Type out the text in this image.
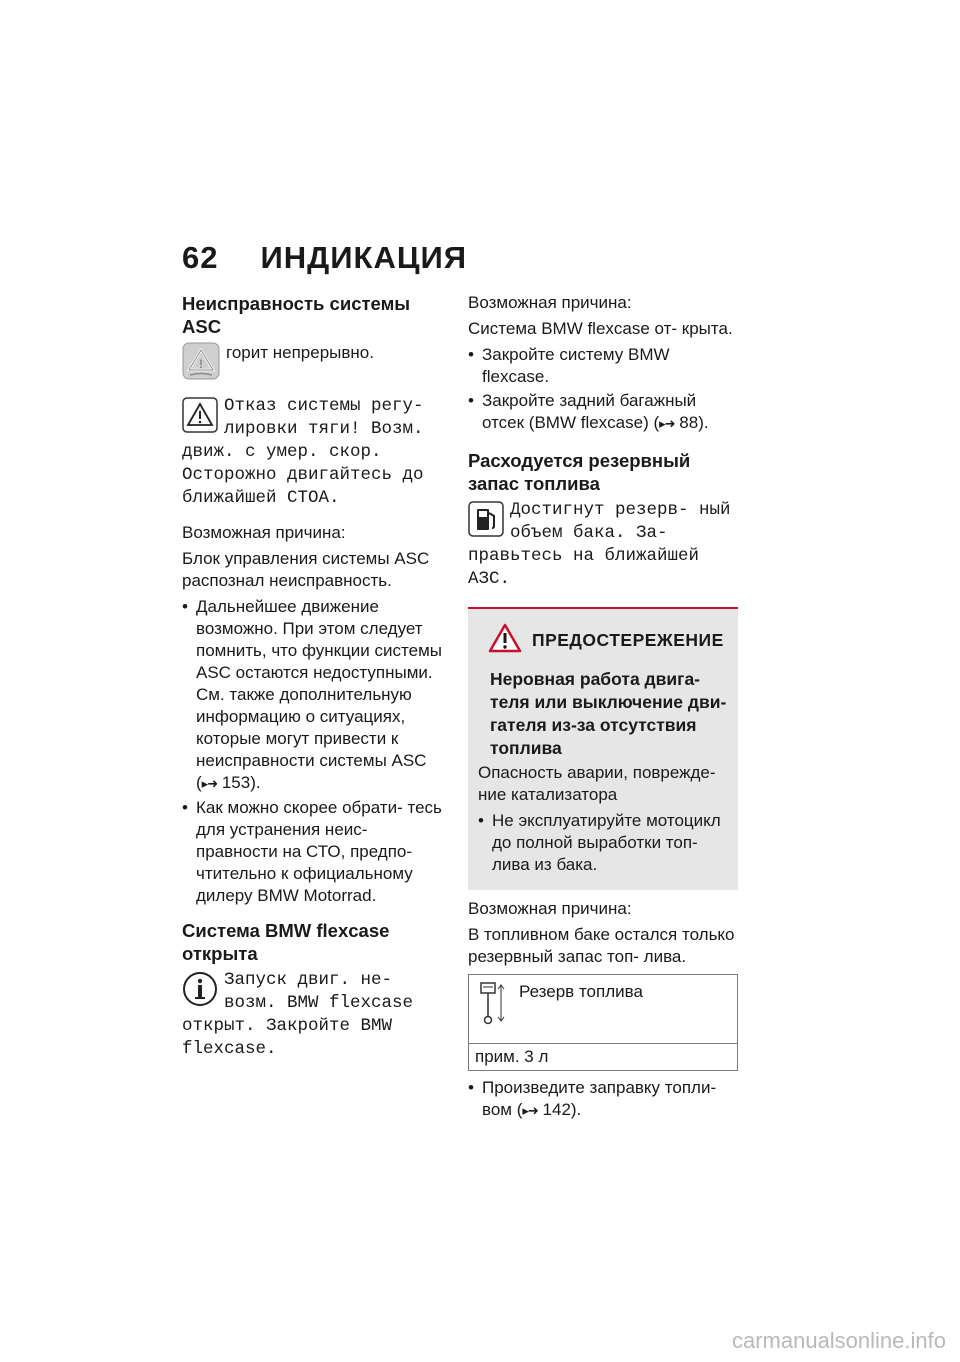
62 ИНДИКАЦИЯ
Неисправность системы ASC
!
горит непрерывно.
Отказ системы регу- лировки тяги! Возм. движ. с умер. скор. Осторожно двигайтесь до ближайшей СТОА.
Возможная причина:
Блок управления системы ASC распознал неисправность.
• Дальнейшее движение возможно. При этом следует помнить, что функции системы ASC остаются недоступными. См. также дополнительную информацию о ситуациях, которые могут привести к неисправности системы ASC (▸➜ 153).
• Как можно скорее обрати- тесь для устранения неис- правности на СТО, предпо- чтительно к официальному дилеру BMW Motorrad.
Система BMW flexcase открыта
Запуск двиг. не- возм. BMW flexcase открыт. Закройте BMW flexcase.
Возможная причина:
Система BMW flexcase от- крыта.
• Закройте систему BMW flexcase.
• Закройте задний багажный отсек (BMW flexcase) (▸➜ 88).
Расходуется резервный запас топлива
Достигнут резерв- ный объем бака. За- правьтесь на ближайшей АЗС.
ПРЕДОСТЕРЕЖЕНИЕ
Неровная работа двига- теля или выключение дви- гателя из-за отсутствия топлива
Опасность аварии, поврежде- ние катализатора
• Не эксплуатируйте мотоцикл до полной выработки топ- лива из бака.
Возможная причина:
В топливном баке остался только резервный запас топ- лива.
Резерв топлива
прим. 3 л
• Произведите заправку топли- вом (▸➜ 142).
carmanualsonline.info
